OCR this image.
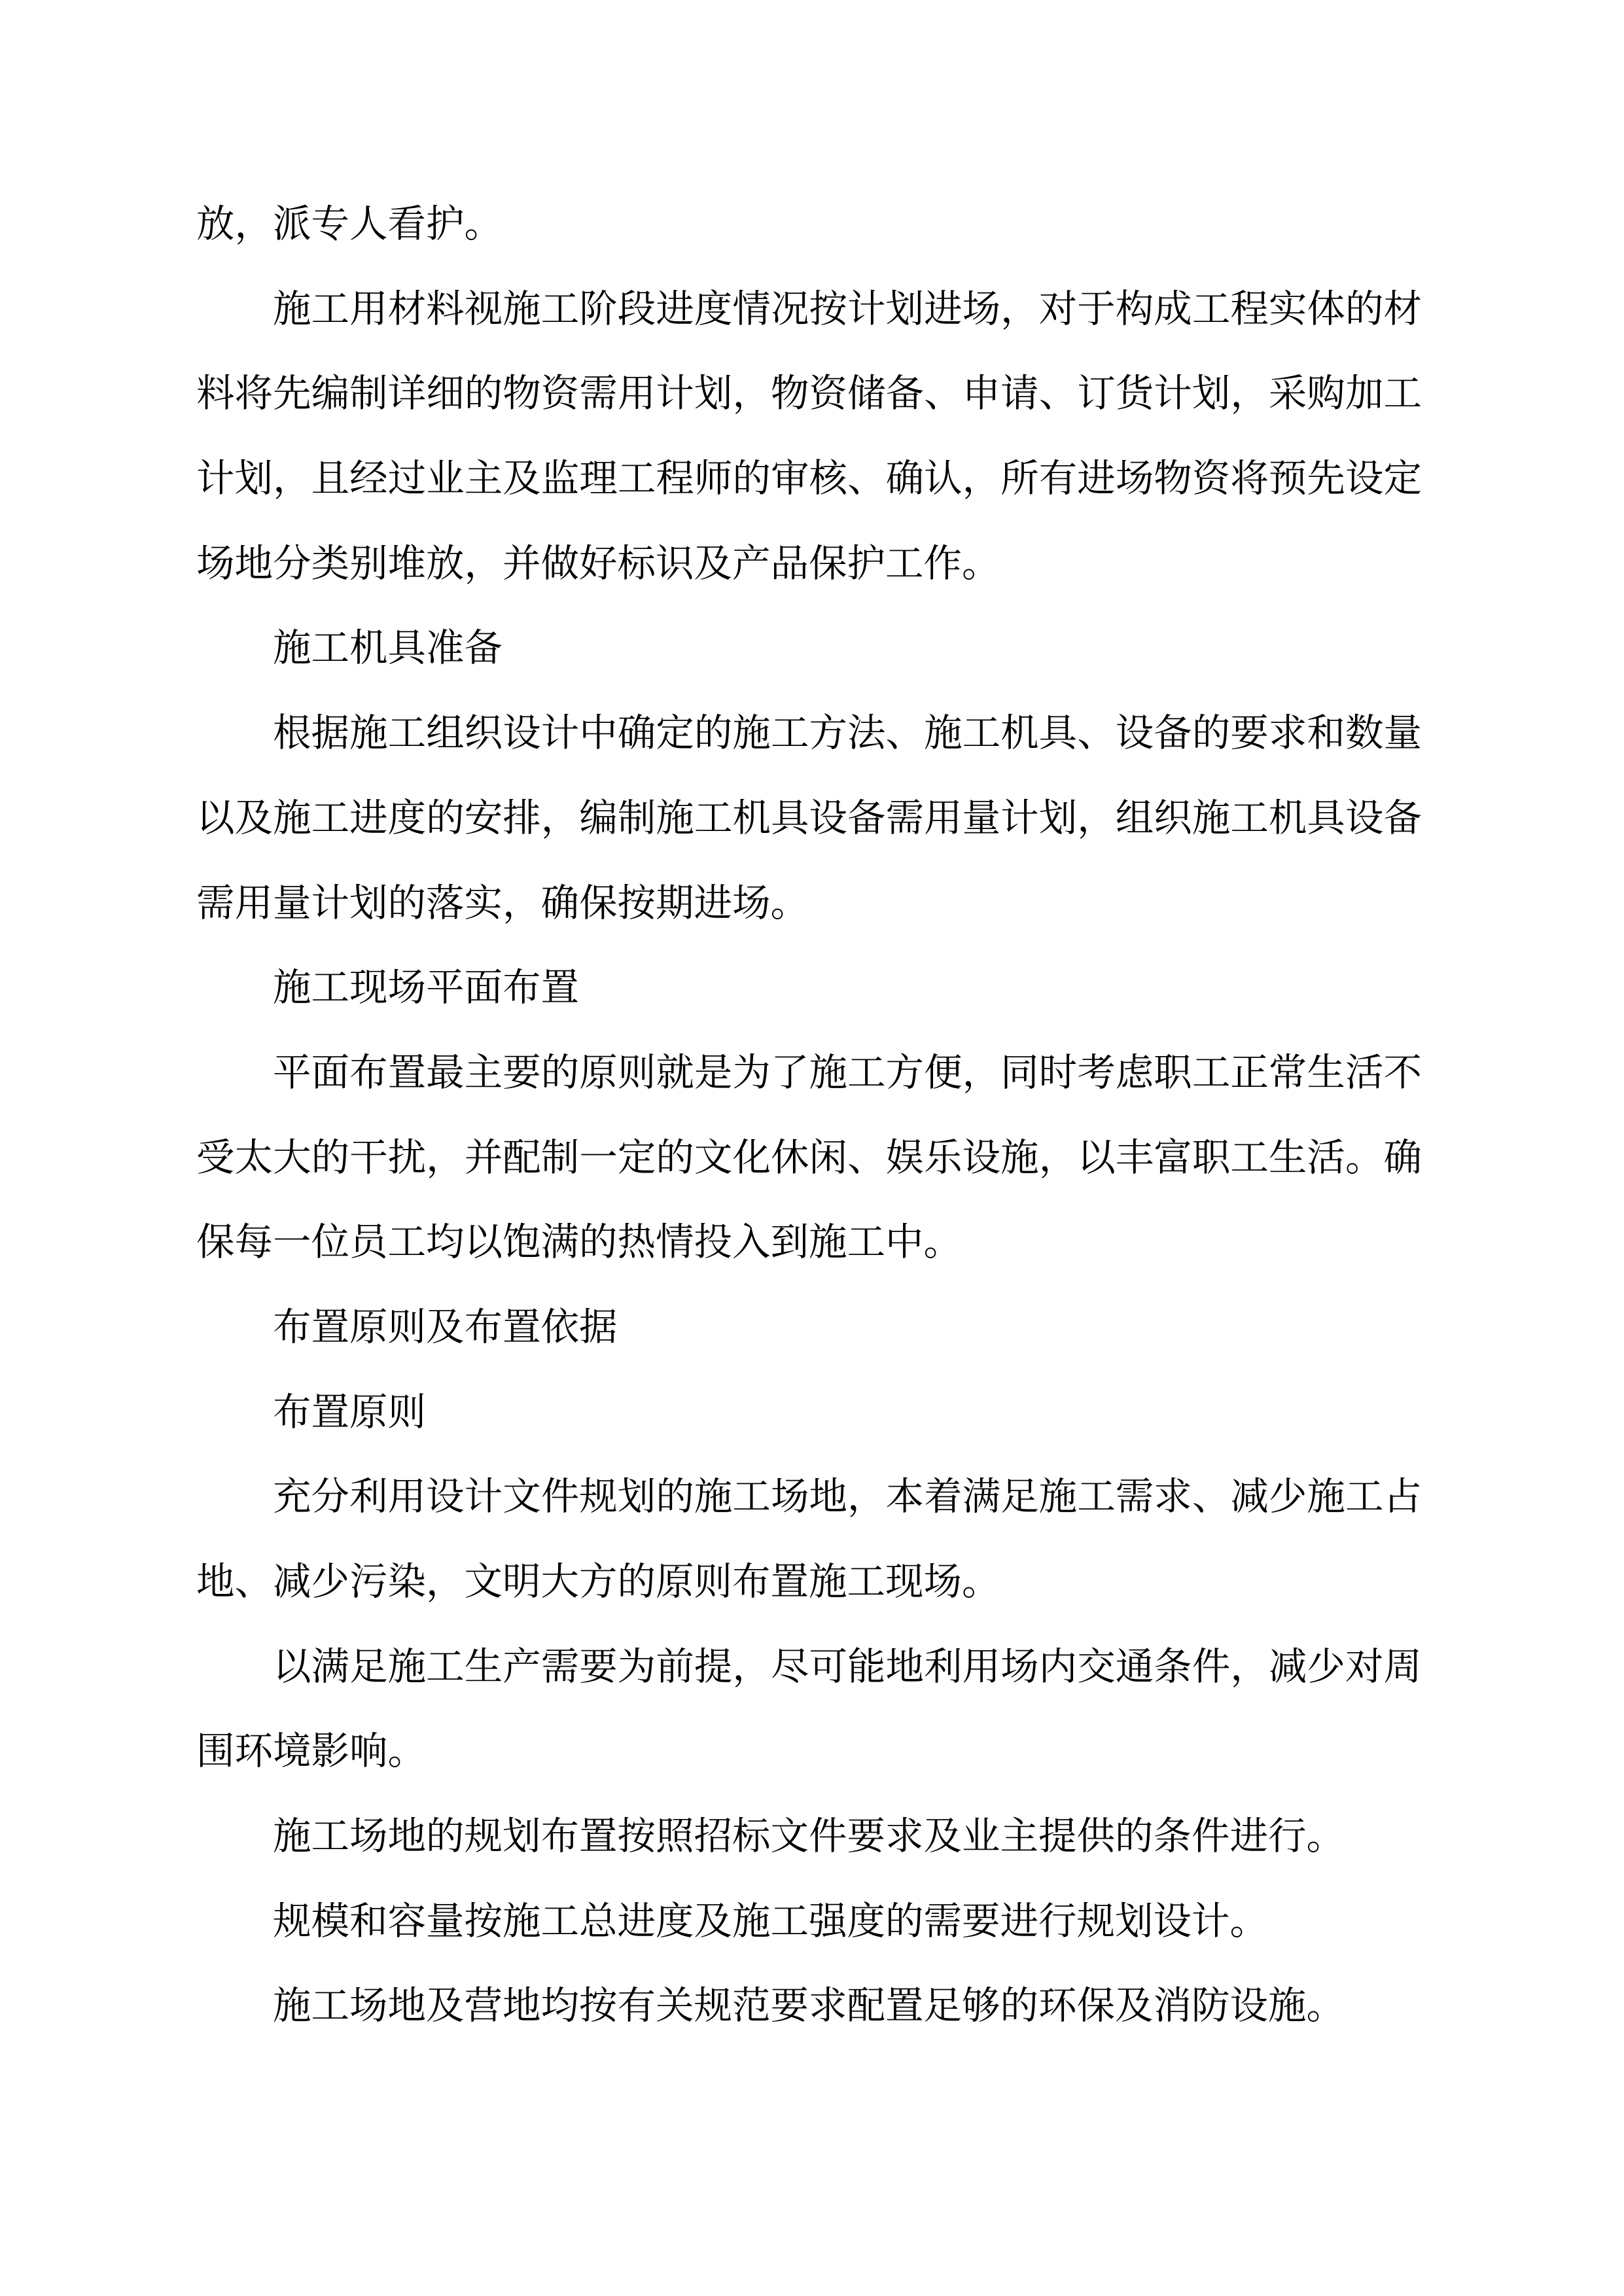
放，派专人看护。
施工用材料视施工阶段进度情况按计划进场，对于构成工程实体的材
料将先编制详细的物资需用计划，物资储备、申请、订货计划，采购加工
计划，且经过业主及监理工程师的审核、确认，所有进场物资将预先设定
场地分类别堆放，并做好标识及产品保护工作。
施工机具准备
根据施工组织设计中确定的施工方法、施工机具、设备的要求和数量
以及施工进度的安排，编制施工机具设备需用量计划，组织施工机具设备
需用量计划的落实，确保按期进场。
施工现场平面布置
平面布置最主要的原则就是为了施工方便，同时考虑职工正常生活不
受太大的干扰，并配制一定的文化休闲、娱乐设施，以丰富职工生活。确
保每一位员工均以饱满的热情投入到施工中。
布置原则及布置依据
布置原则
充分利用设计文件规划的施工场地，本着满足施工需求、减少施工占
地、减少污染，文明大方的原则布置施工现场。
以满足施工生产需要为前提，尽可能地利用场内交通条件，减少对周
围环境影响。
施工场地的规划布置按照招标文件要求及业主提供的条件进行。
规模和容量按施工总进度及施工强度的需要进行规划设计。
施工场地及营地均按有关规范要求配置足够的环保及消防设施。
